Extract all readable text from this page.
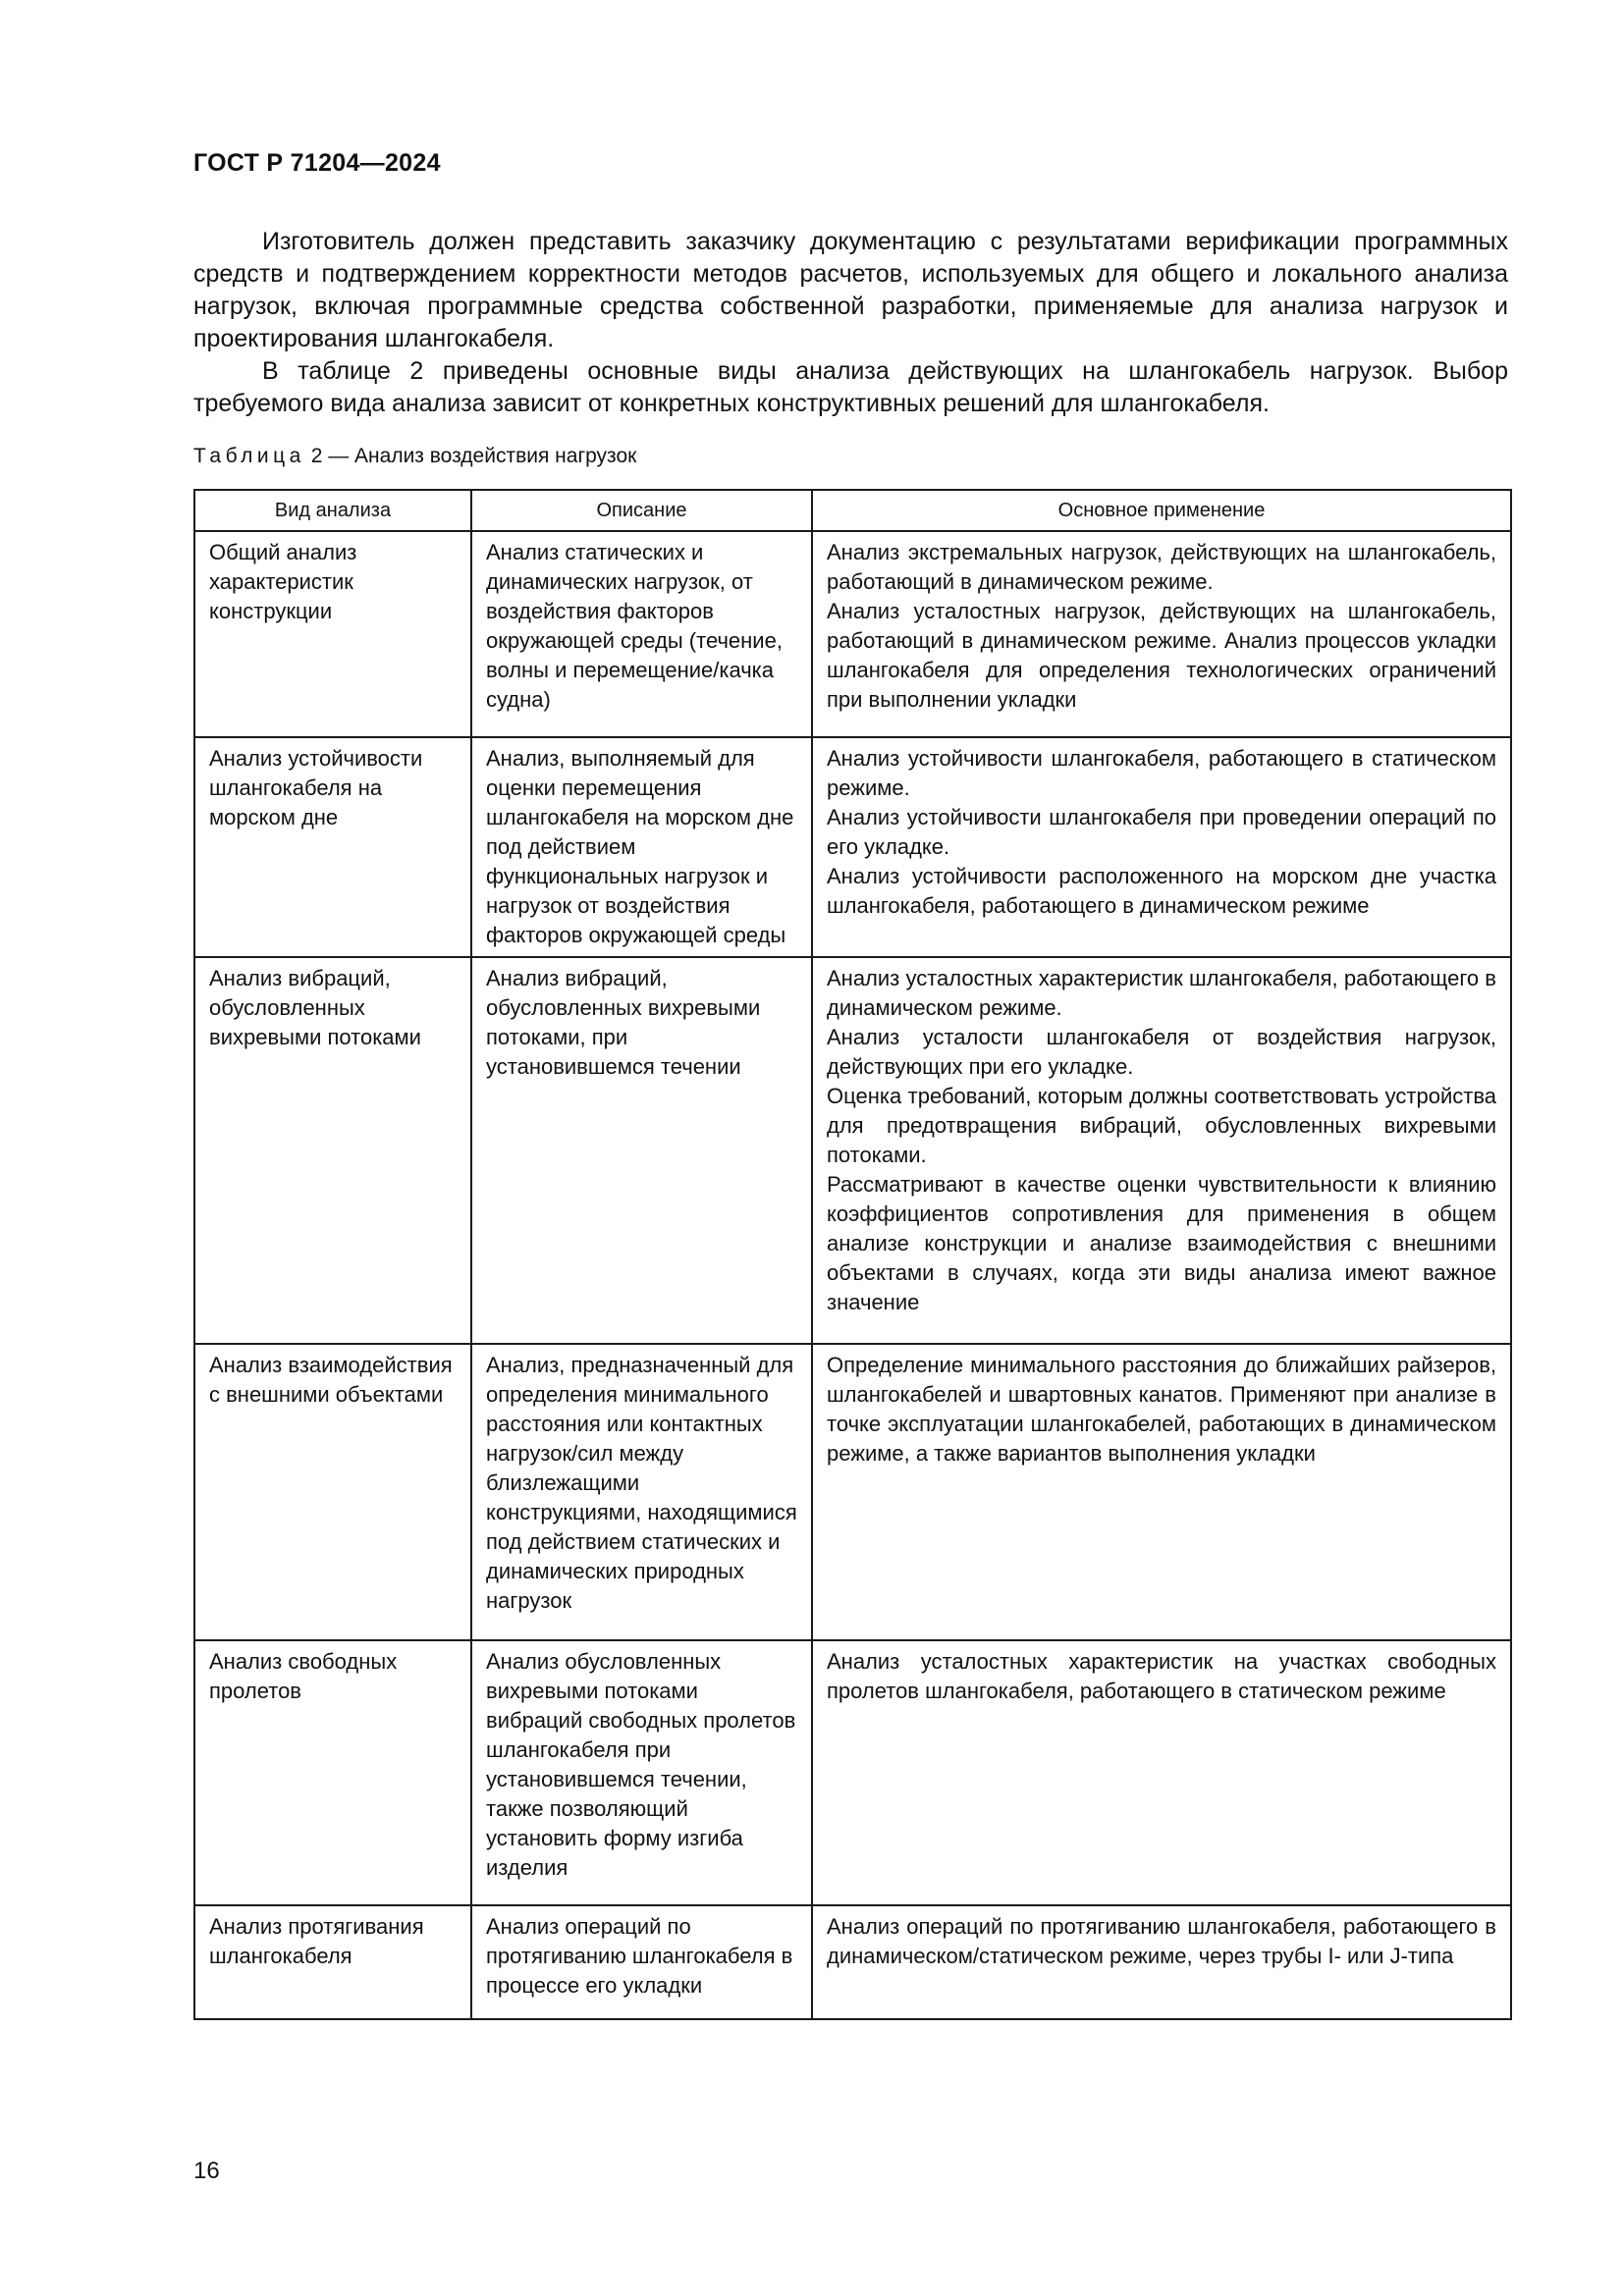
ГОСТ Р 71204—2024

Изготовитель должен представить заказчику документацию с результатами верификации программных средств и подтверждением корректности методов расчетов, используемых для общего и локального анализа нагрузок, включая программные средства собственной разработки, применяемые для анализа нагрузок и проектирования шлангокабеля.

В таблице 2 приведены основные виды анализа действующих на шлангокабель нагрузок. Выбор требуемого вида анализа зависит от конкретных конструктивных решений для шлангокабеля.

Таблица 2 — Анализ воздействия нагрузок
Вид анализа	Описание	Основное применение
Общий анализ характеристик конструкции	Анализ статических и динамических нагрузок, от воздействия факторов окружающей среды (течение, волны и перемещение/качка судна)	Анализ экстремальных нагрузок, действующих на шлангокабель, работающий в динамическом режиме.
Анализ усталостных нагрузок, действующих на шлангокабель, работающий в динамическом режиме. Анализ процессов укладки шлангокабеля для определения технологических ограничений при выполнении укладки
Анализ устойчивости шлангокабеля на морском дне	Анализ, выполняемый для оценки перемещения шлангокабеля на морском дне под действием функциональных нагрузок и нагрузок от воздействия факторов окружающей среды	Анализ устойчивости шлангокабеля, работающего в статическом режиме.
Анализ устойчивости шлангокабеля при проведении операций по его укладке.
Анализ устойчивости расположенного на морском дне участка шлангокабеля, работающего в динамическом режиме
Анализ вибраций, обусловленных вихревыми потоками	Анализ вибраций, обусловленных вихревыми потоками, при установившемся течении	Анализ усталостных характеристик шлангокабеля, работающего в динамическом режиме.
Анализ усталости шлангокабеля от воздействия нагрузок, действующих при его укладке.
Оценка требований, которым должны соответствовать устройства для предотвращения вибраций, обусловленных вихревыми потоками.
Рассматривают в качестве оценки чувствительности к влиянию коэффициентов сопротивления для применения в общем анализе конструкции и анализе взаимодействия с внешними объектами в случаях, когда эти виды анализа имеют важное значение
Анализ взаимодействия с внешними объектами	Анализ, предназначенный для определения минимального расстояния или контактных нагрузок/сил между близлежащими конструкциями, находящимися под действием статических и динамических природных нагрузок	Определение минимального расстояния до ближайших райзеров, шлангокабелей и швартовных канатов. Применяют при анализе в точке эксплуатации шлангокабелей, работающих в динамическом режиме, а также вариантов выполнения укладки
Анализ свободных пролетов	Анализ обусловленных вихревыми потоками вибраций свободных пролетов шлангокабеля при установившемся течении, также позволяющий установить форму изгиба изделия	Анализ усталостных характеристик на участках свободных пролетов шлангокабеля, работающего в статическом режиме
Анализ протягивания шлангокабеля	Анализ операций по протягиванию шлангокабеля в процессе его укладки	Анализ операций по протягиванию шлангокабеля, работающего в динамическом/статическом режиме, через трубы I- или J-типа
16
